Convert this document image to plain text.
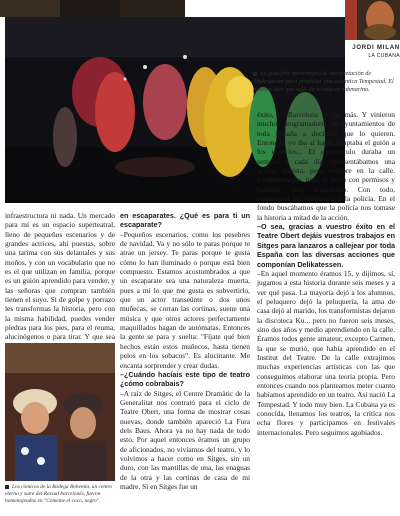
JORDI MILAN
LA CUBANA
La gota fría interrumpió la interpretación de Shakespeare para propiciar una auténtica Tempestad. El público tuvo que salir de la sala en submarino.

infraestructura ni nada. Un mercado para mí es un espacio superteatral, lleno de pequeños escenarios y de grandes actrices, ahí puestas, sobre una tarima con sus delantales y sus moños, y con un vocabulario que no es el que utilizan en familia, porque es un guión aprendido para vender, y las señoras que compran también tienen el suyo. Si de golpe y porrazo les transformas la historia, pero con la misma habilidad, puedes vender piedras para los pies, para el reuma, alucinógenos o para tirar. Y que sea

Los cómicos de la Bodega Bohemia, un centro eterno y sutre del Ravaal barcelonés, fueron homenajeados en "Cómeme el coco, negro".

en escaparates. ¿Qué es para ti un escaparate?

–Pequeños escenarios, como los pesebres de navidad. Va y no sólo te paras porque te atrae un jersey. Te paras porque te gusta cómo lo han iluminado o porque está bien compuesto. Estamos acostumbrados a que un escaparate sea una naturaleza muerta, pues a mí lo que me gusta es subvertirlo, que un actor transeúnte o dos unos muñecas, se corran las cortinas, suene una música y que otros actores perfectamente maquillados hagan de autómatas. Entonces la gente se para y suelta: "Fíjate qué bien hechos están estos muñecos, hasta tienen pelos en los sobacos". Es alucinante. Me encanta sorprender y crear dudas.

–¿Cuándo hacíais este tipo de teatro ¿cómo cobrabais?

–A raíz de Sitges, el Centre Dramàtic de la Generalitat nos contrató para el ciclo de Teatre Obert, una forma de mostrar cosas nuevas, donde también apareció La Fura dels Baus. Ahora ya no hay nada de todo esto. Por aquel entonces éramos un grupo de aficionados, no vivíamos del teatro, y lo volvimos a hacer como en Sitges, sin un duro, con las mantillas de una, las enaguas de la otra y las cortinas de casa de mi madre. Si en Sitges fue un

éxito, en Barcelona lo fue más. Y vinieron muchos programadores de ayuntamientos de toda España a decirnos que lo quieren. Entonces, yo iba al lugar, adaptaba el guión a los espacios... El espectáculo duraba un semana y cada día representábamos una acción distinta, pero siempre en la calle. Evidentemente, todo se hacía con permisos y bastante bien organizado. Con todo, empezaron los follones con la policía. En el fondo buscábamos que la policía nos tomase la historia a mitad de la acción.

–O sea, gracias a vuestro éxito en el Teatre Obert dejáis vuestros trabajos en Sitges para lanzaros a callejear por toda España con las diversas acciones que componían Delikatessen.

–En aquel momento éramos 15, y dijimos, sí, jugamos a esta historia durante seis meses y a ver qué pasa. La mayoría dejó a los alumnos, el peluquero dejó la peluquería, la ama de casa dejó al marido, los transformistas dejaron la discoteca Ku... pero no fueron seis meses, sino dos años y medio aprendiendo en la calle. Éramos todos gente amateur, excepto Carmen, la que se murió, que había aprendido en el Institut del Teatre. De la calle extrajimos muchas experiencias artísticas con las que conseguimos elaborar una teoría propia. Pero entonces cuando nos planteamos meter cuanto habíamos aprendido en un teatro. Así nació La Tempestad. Y todo muy bien. La Cubana ya es conocida, llenamos los teatros, la crítica nos echa flores y participamos en festivales internacionales. Pero seguimos agobiados.
